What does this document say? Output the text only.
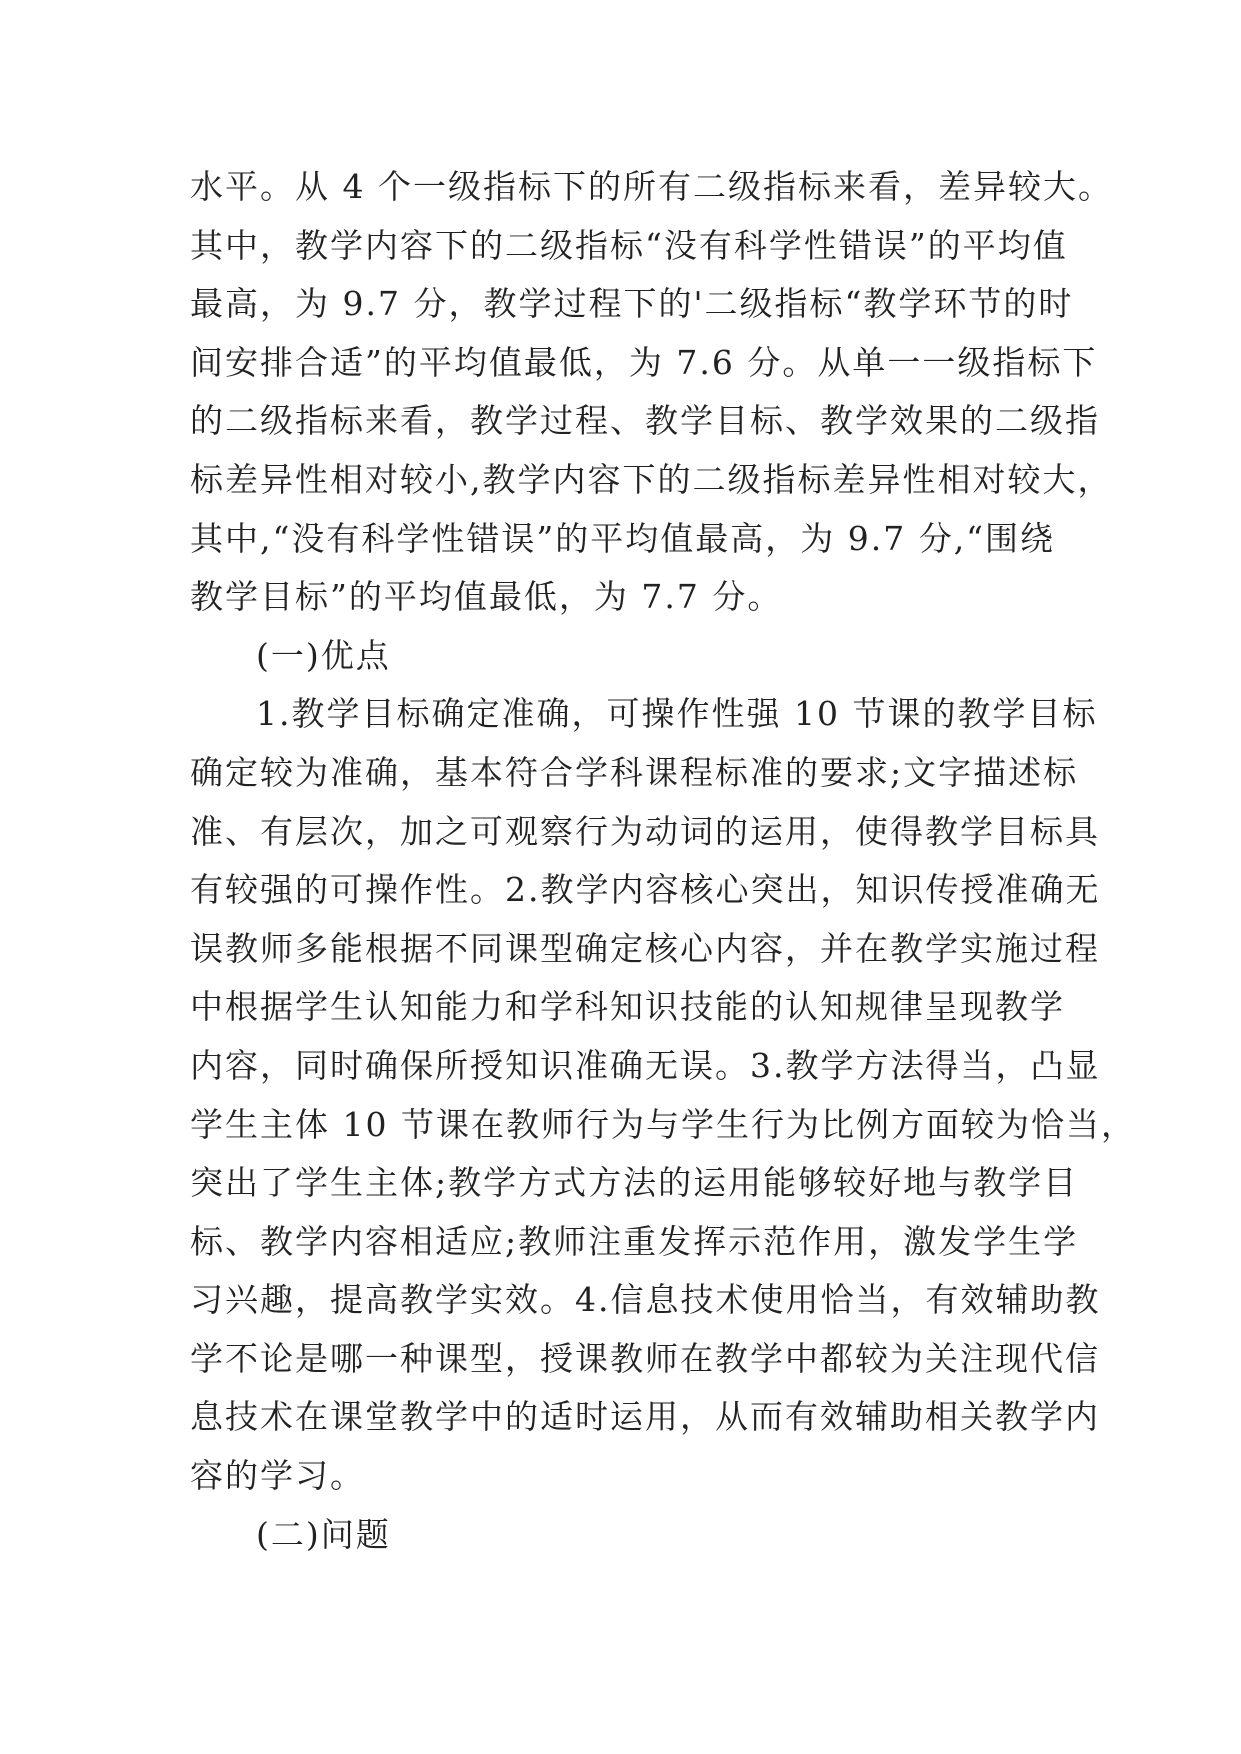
水平。从 4 个一级指标下的所有二级指标来看，差异较大。
其中，教学内容下的二级指标“没有科学性错误”的平均值
最高，为 9.7 分，教学过程下的'二级指标“教学环节的时
间安排合适”的平均值最低，为 7.6 分。从单一一级指标下
的二级指标来看，教学过程、教学目标、教学效果的二级指
标差异性相对较小,教学内容下的二级指标差异性相对较大，
其中,“没有科学性错误”的平均值最高，为 9.7 分,“围绕
教学目标”的平均值最低，为 7.7 分。
(一)优点
1.教学目标确定准确，可操作性强 10 节课的教学目标
确定较为准确，基本符合学科课程标准的要求;文字描述标
准、有层次，加之可观察行为动词的运用，使得教学目标具
有较强的可操作性。2.教学内容核心突出，知识传授准确无
误教师多能根据不同课型确定核心内容，并在教学实施过程
中根据学生认知能力和学科知识技能的认知规律呈现教学
内容，同时确保所授知识准确无误。3.教学方法得当，凸显
学生主体 10 节课在教师行为与学生行为比例方面较为恰当，
突出了学生主体;教学方式方法的运用能够较好地与教学目
标、教学内容相适应;教师注重发挥示范作用，激发学生学
习兴趣，提高教学实效。4.信息技术使用恰当，有效辅助教
学不论是哪一种课型，授课教师在教学中都较为关注现代信
息技术在课堂教学中的适时运用，从而有效辅助相关教学内
容的学习。
(二)问题
